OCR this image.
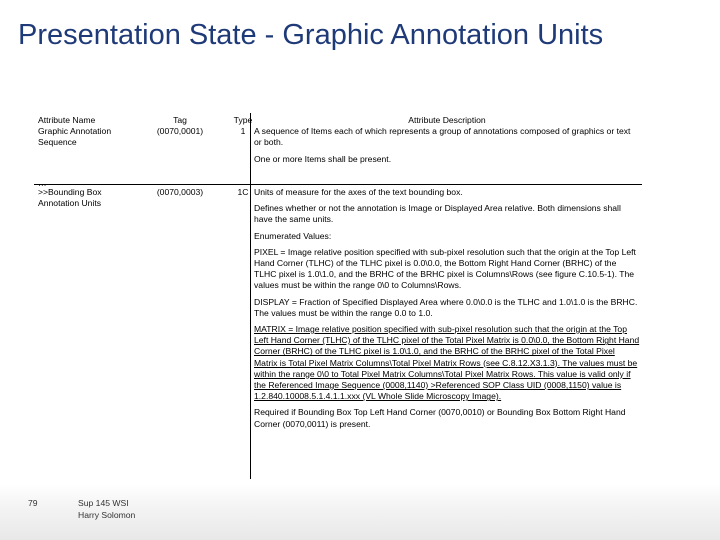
Presentation State - Graphic Annotation Units
Attribute Name
Graphic Annotation
Sequence
Tag
(0070,0001)
Type
1
Attribute Description
A sequence of Items each of which represents a group of annotations composed of graphics or text or both.
One or more Items shall be present.
…
>>Bounding Box
Annotation Units
(0070,0003)	1C Units of measure for the axes of the text bounding box.
Defines whether or not the annotation is Image or Displayed Area relative. Both dimensions shall have the same units.
Enumerated Values:
PIXEL = Image relative position specified with sub-pixel resolution such that the origin at the Top Left Hand Corner (TLHC) of the TLHC pixel is 0.0\0.0, the Bottom Right Hand Corner (BRHC) of the TLHC pixel is 1.0\1.0, and the BRHC of the BRHC pixel is Columns\Rows (see figure C.10.5-1). The values must be within the range 0\0 to Columns\Rows.
DISPLAY = Fraction of Specified Displayed Area where 0.0\0.0 is the TLHC and 1.0\1.0 is the BRHC. The values must be within the range 0.0 to 1.0.
MATRIX = Image relative position specified with sub-pixel resolution such that the origin at the Top Left Hand Corner (TLHC) of the TLHC pixel of the Total Pixel Matrix is 0.0\0.0, the Bottom Right Hand Corner (BRHC) of the TLHC pixel is 1.0\1.0, and the BRHC of the BRHC pixel of the Total Pixel Matrix is Total Pixel Matrix Columns\Total Pixel Matrix Rows (see C.8.12.X3.1.3). The values must be within the range 0\0 to Total Pixel Matrix Columns\Total Pixel Matrix Rows. This value is valid only if the Referenced Image Sequence (0008,1140) >Referenced SOP Class UID (0008,1150) value is 1.2.840.10008.5.1.4.1.1.xxx (VL Whole Slide Microscopy Image).
Required if Bounding Box Top Left Hand Corner (0070,0010) or Bounding Box Bottom Right Hand Corner (0070,0011) is present.
79	Sup 145 WSI
Harry Solomon
